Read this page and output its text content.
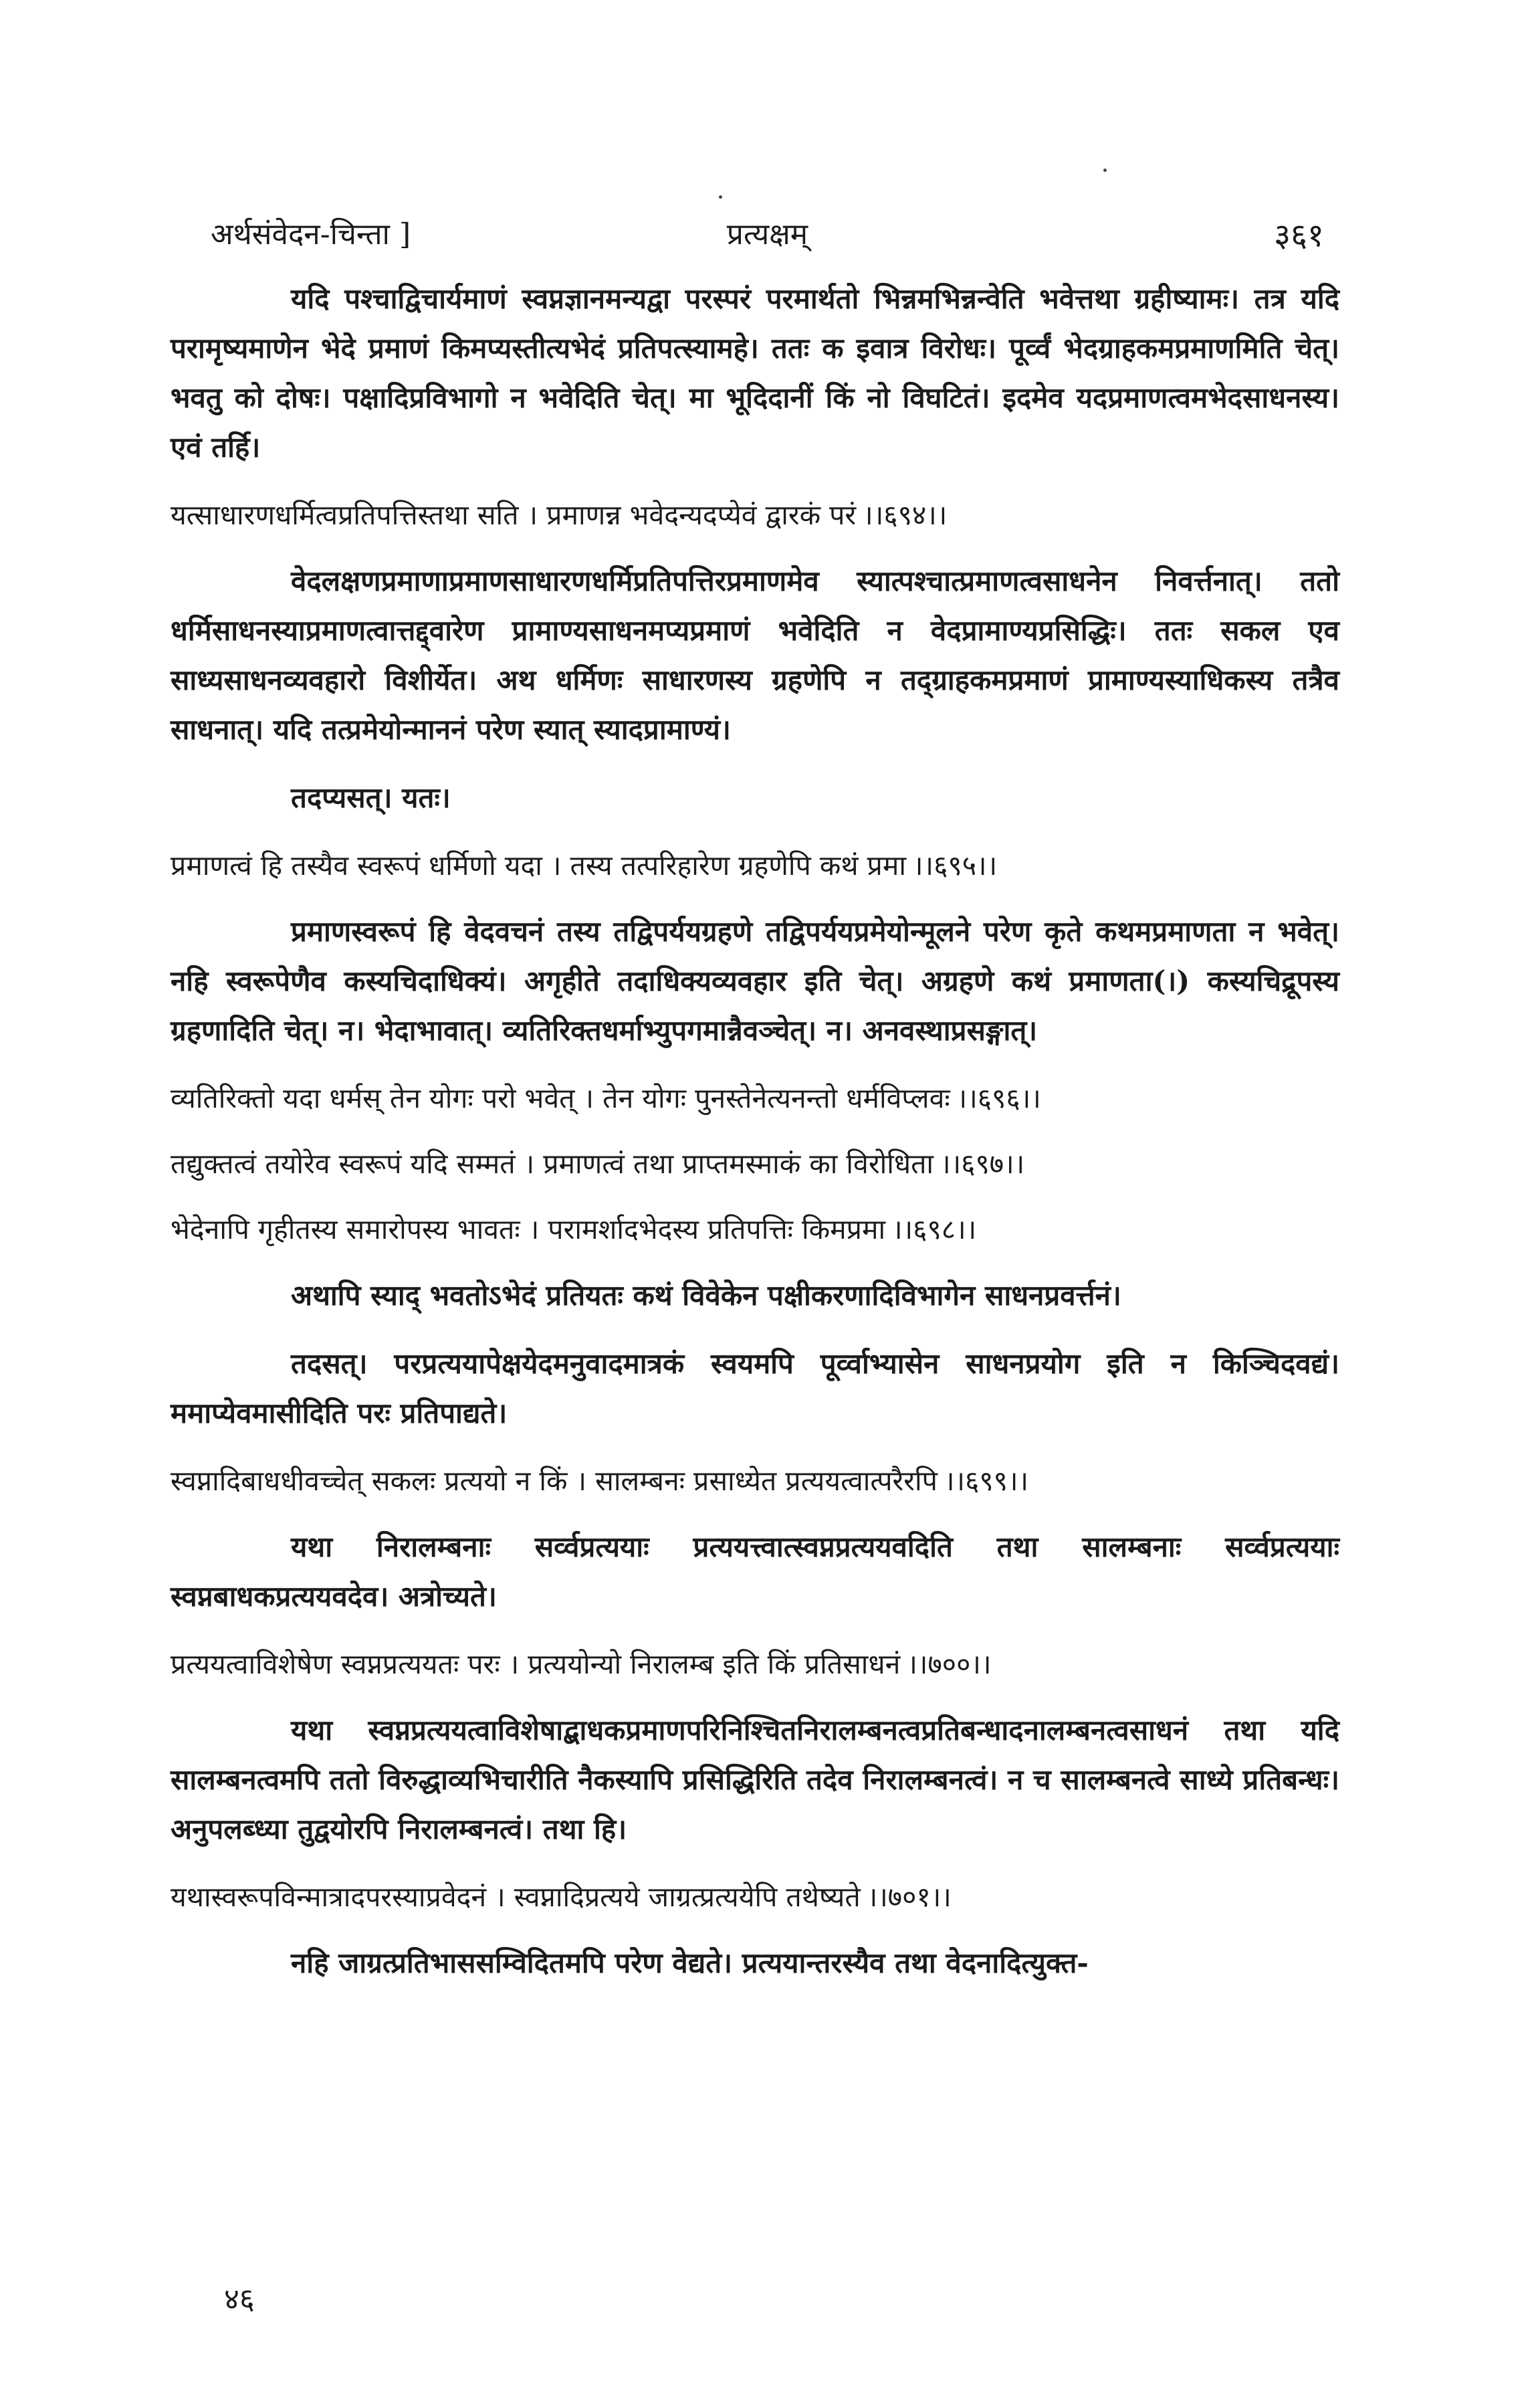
अर्थसंवेदन-चिन्ता ]	प्रत्यक्षम्	३६१
यदि पश्चाद्विचार्यमाणं स्वप्नज्ञानमन्यद्वा परस्परं परमार्थतो भिन्नमभिन्नन्वेति भवेत्तथा ग्रहीष्यामः। तत्र यदि परामृष्यमाणेन भेदे प्रमाणं किमप्यस्तीत्यभेदं प्रतिपत्स्यामहे। ततः क इवात्र विरोधः। पूर्व्वं भेदग्राहकमप्रमाणमिति चेत्। भवतु को दोषः। पक्षादिप्रविभागो न भवेदिति चेत्। मा भूदिदानीं किं नो विघटितं। इदमेव यदप्रमाणत्वमभेदसाधनस्य। एवं तर्हि।
यत्साधारणधर्मित्वप्रतिपत्तिस्तथा सति । प्रमाणन्न भवेदन्यदप्येवं द्वारकं परं ।।६९४।।
वेदलक्षणप्रमाणाप्रमाणसाधारणधर्मिप्रतिपत्तिरप्रमाणमेव स्यात्पश्चात्प्रमाणत्वसाधनेन निवर्त्तनात्। ततो धर्मिसाधनस्याप्रमाणत्वात्तद्द्वारेण प्रामाण्यसाधनमप्यप्रमाणं भवेदिति न वेदप्रामाण्यप्रसिद्धिः। ततः सकल एव साध्यसाधनव्यवहारो विशीर्येत। अथ धर्मिणः साधारणस्य ग्रहणेपि न तद्ग्राहकमप्रमाणं प्रामाण्यस्याधिकस्य तत्रैव साधनात्। यदि तत्प्रमेयोन्माननं परेण स्यात् स्यादप्रामाण्यं।
तदप्यसत्। यतः।
प्रमाणत्वं हि तस्यैव स्वरूपं धर्मिणो यदा । तस्य तत्परिहारेण ग्रहणेपि कथं प्रमा ।।६९५।।
प्रमाणस्वरूपं हि वेदवचनं तस्य तद्विपर्ययग्रहणे तद्विपर्ययप्रमेयोन्मूलने परेण कृते कथमप्रमाणता न भवेत्। नहि स्वरूपेणैव कस्यचिदाधिक्यं। अगृहीते तदाधिक्यव्यवहार इति चेत्। अग्रहणे कथं प्रमाणता(।) कस्यचिद्रूपस्य ग्रहणादिति चेत्। न। भेदाभावात्। व्यतिरिक्तधर्माभ्युपगमान्नैवञ्चेत्। न। अनवस्थाप्रसङ्गात्।
व्यतिरिक्तो यदा धर्मस् तेन योगः परो भवेत् । तेन योगः पुनस्तेनेत्यनन्तो धर्मविप्लवः ।।६९६।।
तद्युक्तत्वं तयोरेव स्वरूपं यदि सम्मतं । प्रमाणत्वं तथा प्राप्तमस्माकं का विरोधिता ।।६९७।।
भेदेनापि गृहीतस्य समारोपस्य भावतः । परामर्शादभेदस्य प्रतिपत्तिः किमप्रमा ।।६९८।।
अथापि स्याद् भवतोऽभेदं प्रतियतः कथं विवेकेन पक्षीकरणादिविभागेन साधनप्रवर्त्तनं।
तदसत्। परप्रत्ययापेक्षयेदमनुवादमात्रकं स्वयमपि पूर्व्वाभ्यासेन साधनप्रयोग इति न किञ्चिदवद्यं। ममाप्येवमासीदिति परः प्रतिपाद्यते।
स्वप्नादिबाधधीवच्चेत् सकलः प्रत्ययो न किं । सालम्बनः प्रसाध्येत प्रत्ययत्वात्परैरपि ।।६९९।।
यथा निरालम्बनाः सर्व्वप्रत्ययाः प्रत्ययत्त्वात्स्वप्नप्रत्ययवदिति तथा सालम्बनाः सर्व्वप्रत्ययाः स्वप्नबाधकप्रत्ययवदेव। अत्रोच्यते।
प्रत्ययत्वाविशेषेण स्वप्नप्रत्ययतः परः । प्रत्ययोन्यो निरालम्ब इति किं प्रतिसाधनं ।।७००।।
यथा स्वप्नप्रत्ययत्वाविशेषाद्बाधकप्रमाणपरिनिश्चितनिरालम्बनत्वप्रतिबन्धादनालम्बनत्वसाधनं तथा यदि सालम्बनत्वमपि ततो विरुद्धाव्यभिचारीति नैकस्यापि प्रसिद्धिरिति तदेव निरालम्बनत्वं। न च सालम्बनत्वे साध्ये प्रतिबन्धः। अनुपलब्ध्या तुद्वयोरपि निरालम्बनत्वं। तथा हि।
यथास्वरूपविन्मात्रादपरस्याप्रवेदनं । स्वप्नादिप्रत्यये जाग्रत्प्रत्ययेपि तथेष्यते ।।७०१।।
नहि जाग्रत्प्रतिभाससम्विदितमपि परेण वेद्यते। प्रत्ययान्तरस्यैव तथा वेदनादित्युक्त-
४६
